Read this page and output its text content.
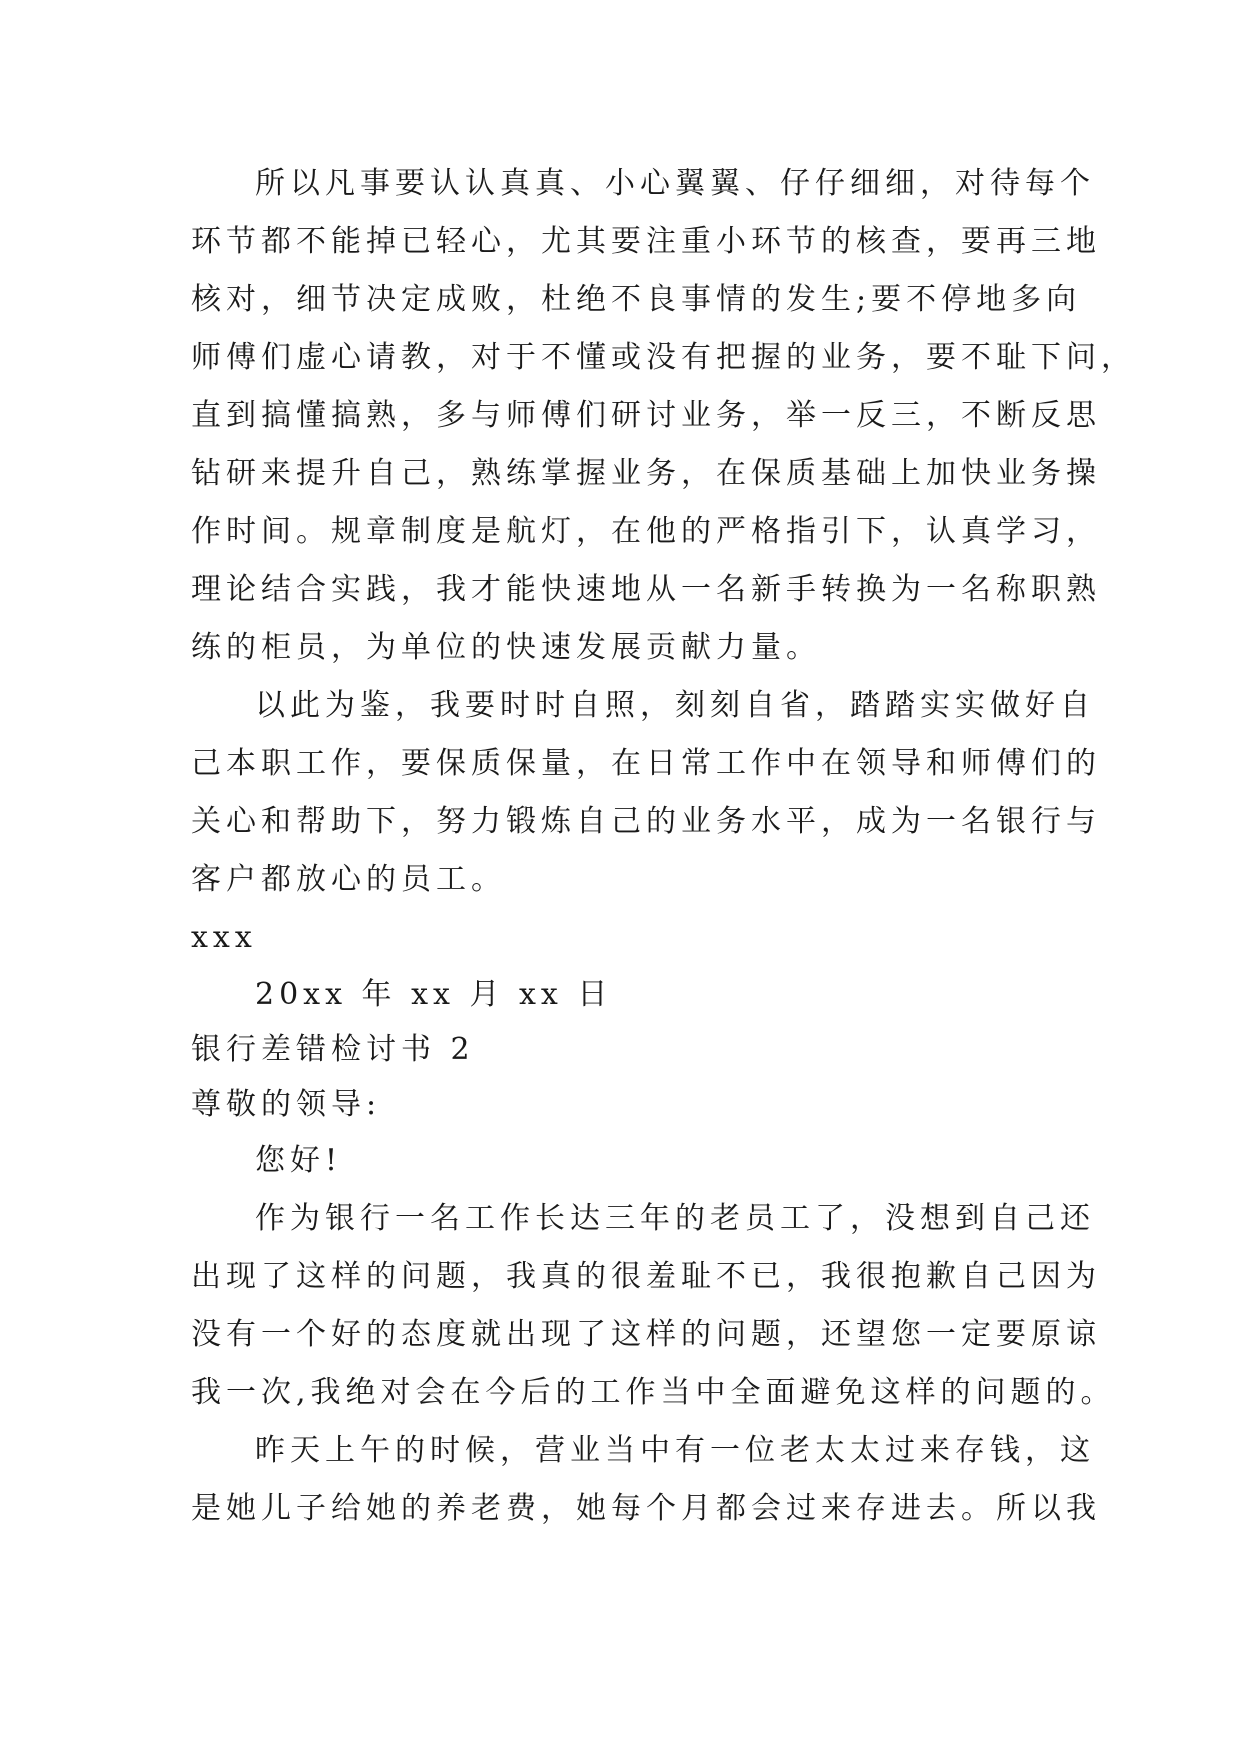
所以凡事要认认真真、小心翼翼、仔仔细细，对待每个
环节都不能掉已轻心，尤其要注重小环节的核查，要再三地
核对，细节决定成败，杜绝不良事情的发生;要不停地多向
师傅们虚心请教，对于不懂或没有把握的业务，要不耻下问，
直到搞懂搞熟，多与师傅们研讨业务，举一反三，不断反思
钻研来提升自己，熟练掌握业务，在保质基础上加快业务操
作时间。规章制度是航灯，在他的严格指引下，认真学习，
理论结合实践，我才能快速地从一名新手转换为一名称职熟
练的柜员，为单位的快速发展贡献力量。
以此为鉴，我要时时自照，刻刻自省，踏踏实实做好自
己本职工作，要保质保量，在日常工作中在领导和师傅们的
关心和帮助下，努力锻炼自己的业务水平，成为一名银行与
客户都放心的员工。
xxx
20xx 年 xx 月 xx 日
银行差错检讨书 2
尊敬的领导:
您好!
作为银行一名工作长达三年的老员工了，没想到自己还
出现了这样的问题，我真的很羞耻不已，我很抱歉自己因为
没有一个好的态度就出现了这样的问题，还望您一定要原谅
我一次,我绝对会在今后的工作当中全面避免这样的问题的。
昨天上午的时候，营业当中有一位老太太过来存钱，这
是她儿子给她的养老费，她每个月都会过来存进去。所以我
